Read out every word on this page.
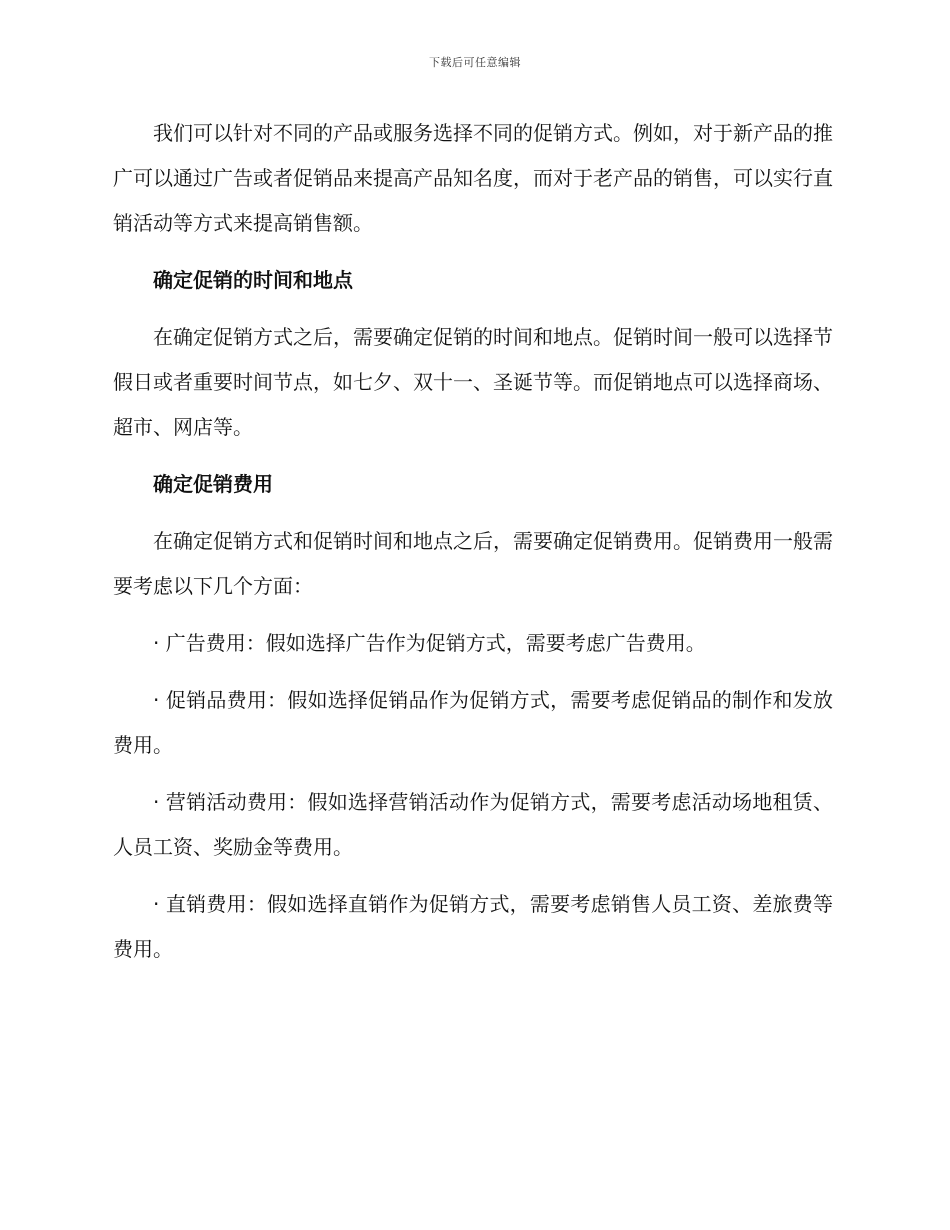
下载后可任意编辑

我们可以针对不同的产品或服务选择不同的促销方式。例如，对于新产品的推广可以通过广告或者促销品来提高产品知名度，而对于老产品的销售，可以实行直销活动等方式来提高销售额。

确定促销的时间和地点

在确定促销方式之后，需要确定促销的时间和地点。促销时间一般可以选择节假日或者重要时间节点，如七夕、双十一、圣诞节等。而促销地点可以选择商场、超市、网店等。

确定促销费用

在确定促销方式和促销时间和地点之后，需要确定促销费用。促销费用一般需要考虑以下几个方面：

· 广告费用：假如选择广告作为促销方式，需要考虑广告费用。

· 促销品费用：假如选择促销品作为促销方式，需要考虑促销品的制作和发放费用。

· 营销活动费用：假如选择营销活动作为促销方式，需要考虑活动场地租赁、人员工资、奖励金等费用。

· 直销费用：假如选择直销作为促销方式，需要考虑销售人员工资、差旅费等费用。
